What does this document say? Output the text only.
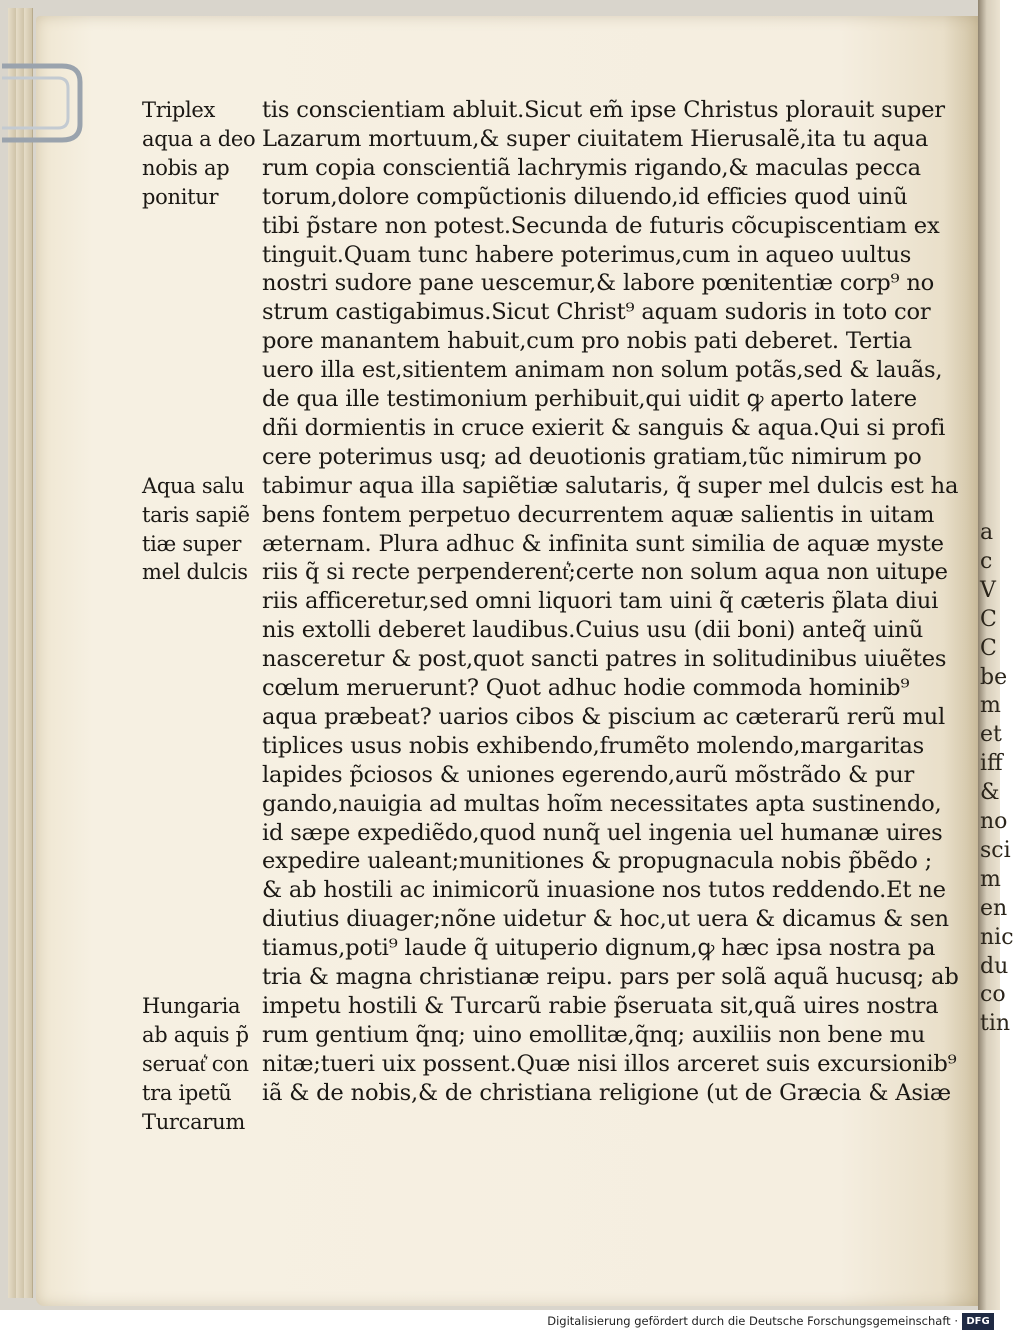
a
c
V
C
C
be
m
et
iff
&
no
sci
m
en
nic
du
co
tin
tis conscientiam abluit.Sicut em̃ ipse Christus plorauit super
Lazarum mortuum,& super ciuitatem Hierusalẽ,ita tu aqua
rum copia conscientiã lachrymis rigando,& maculas pecca
torum,dolore compũctionis diluendo,id efficies quod uinũ
tibi p̃stare non potest.Secunda de futuris cõcupiscentiam ex
tinguit.Quam tunc habere poterimus,cum in aqueo uultus
nostri sudore pane uescemur,& labore pœnitentiæ corp⁹ no
strum castigabimus.Sicut Christ⁹ aquam sudoris in toto cor
pore manantem habuit,cum pro nobis pati deberet. Tertia
uero illa est,sitientem animam non solum potãs,sed & lauãs,
de qua ille testimonium perhibuit,qui uidit ꝙ aperto latere
dñi dormientis in cruce exierit & sanguis & aqua.Qui si profi
cere poterimus usq; ad deuotionis gratiam,tũc nimirum po
tabimur aqua illa sapiẽtiæ salutaris, q̃ super mel dulcis est ha
bens fontem perpetuo decurrentem aquæ salientis in uitam
æternam. Plura adhuc & infinita sunt similia de aquæ myste
riis q̃ si recte perpenderent͛;certe non solum aqua non uitupe
riis afficeretur,sed omni liquori tam uini q̃ cæteris p̃lata diui
nis extolli deberet laudibus.Cuius usu (dii boni) anteq̃ uinũ
nasceretur & post,quot sancti patres in solitudinibus uiuẽtes
cœlum meruerunt? Quot adhuc hodie commoda hominib⁹
aqua præbeat? uarios cibos & piscium ac cæterarũ rerũ mul
tiplices usus nobis exhibendo,frumẽto molendo,margaritas
lapides p̃ciosos & uniones egerendo,aurũ mõstrãdo & pur
gando,nauigia ad multas hoĩm necessitates apta sustinendo,
id sæpe expediẽdo,quod nunq̃ uel ingenia uel humanæ uires
expedire ualeant;munitiones & propugnacula nobis p̃bẽdo ;
& ab hostili ac inimicorũ inuasione nos tutos reddendo.Et ne
diutius diuager;nõne uidetur & hoc,ut uera & dicamus & sen
tiamus,poti⁹ laude q̃ uituperio dignum,ꝙ hæc ipsa nostra pa
tria & magna christianæ reipu. pars per solã aquã hucusq; ab
impetu hostili & Turcarũ rabie p̃seruata sit,quã uires nostra
rum gentium q̃nq; uino emollitæ,q̃nq; auxiliis non bene mu
nitæ;tueri uix possent.Quæ nisi illos arceret suis excursionib⁹
iã & de nobis,& de christiana religione (ut de Græcia & Asiæ
Triplex
aqua a deo
nobis ap
ponitur
Aqua salu
taris sapiẽ
tiæ super
mel dulcis
Hungaria
ab aquis p̃
seruat͛ con
tra ipetũ
Turcarum
Digitalisierung gefördert durch die Deutsche Forschungsgemeinschaft · DFG
